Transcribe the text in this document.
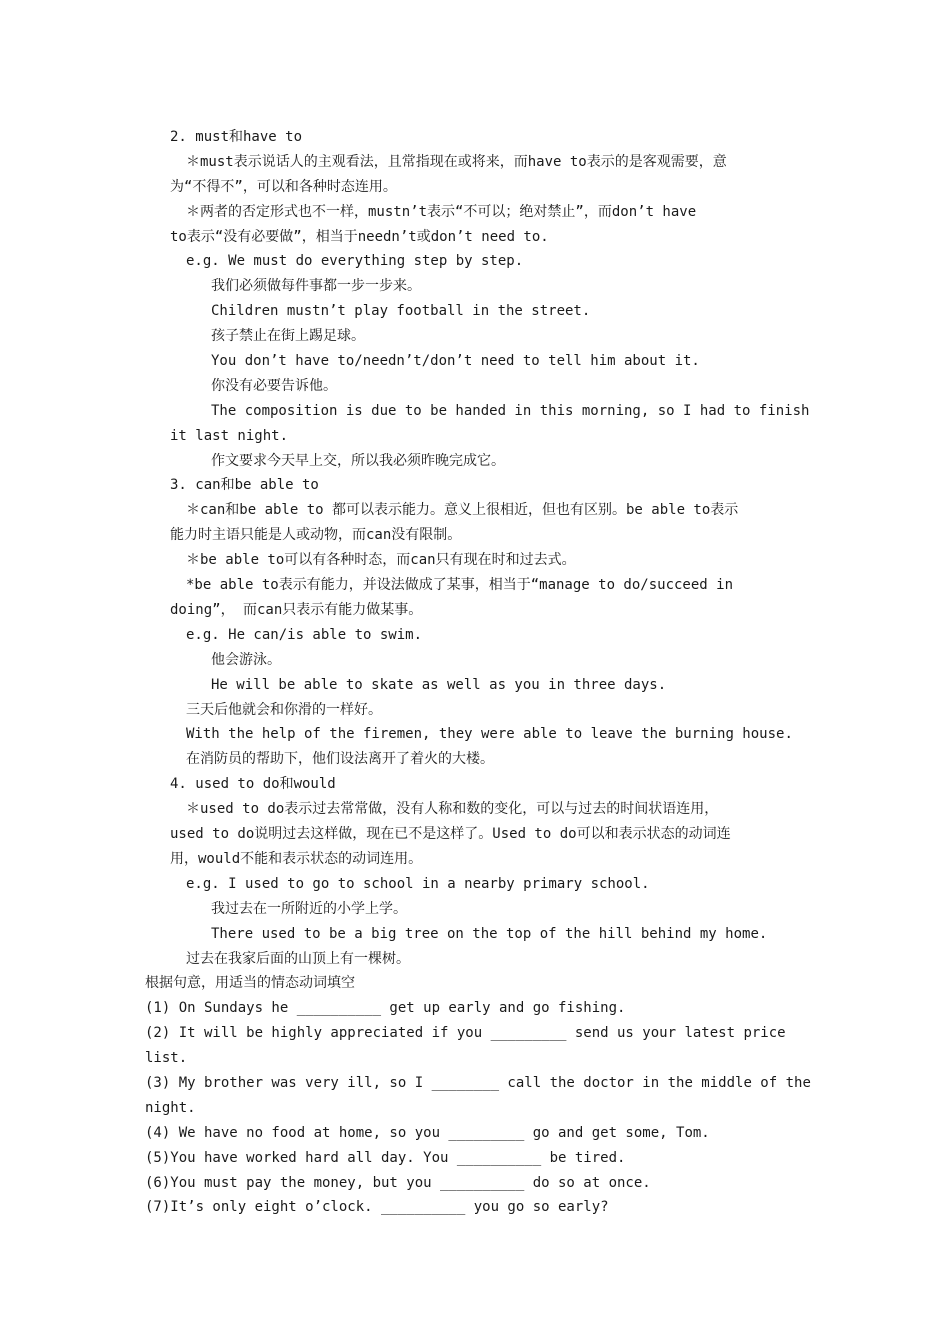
2. must和have to
＊must表示说话人的主观看法，且常指现在或将来，而have to表示的是客观需要，意
为“不得不”，可以和各种时态连用。
＊两者的否定形式也不一样，mustn’t表示“不可以；绝对禁止”，而don’t have
to表示“没有必要做”，相当于needn’t或don’t need to.
e.g. We must do everything step by step.
我们必须做每件事都一步一步来。
Children mustn’t play football in the street.
孩子禁止在街上踢足球。
You don’t have to/needn’t/don’t need to tell him about it.
你没有必要告诉他。
The composition is due to be handed in this morning, so I had to finish
it last night.
作文要求今天早上交，所以我必须昨晚完成它。
3. can和be able to
＊can和be able to 都可以表示能力。意义上很相近，但也有区别。be able to表示
能力时主语只能是人或动物，而can没有限制。
＊be able to可以有各种时态，而can只有现在时和过去式。
*be able to表示有能力，并设法做成了某事，相当于“manage to do/succeed in
doing”， 而can只表示有能力做某事。
e.g. He can/is able to swim.
他会游泳。
He will be able to skate as well as you in three days.
三天后他就会和你滑的一样好。
With the help of the firemen, they were able to leave the burning house.
在消防员的帮助下，他们设法离开了着火的大楼。
4. used to do和would
＊used to do表示过去常常做，没有人称和数的变化，可以与过去的时间状语连用，
used to do说明过去这样做，现在已不是这样了。Used to do可以和表示状态的动词连
用，would不能和表示状态的动词连用。
e.g. I used to go to school in a nearby primary school.
我过去在一所附近的小学上学。
There used to be a big tree on the top of the hill behind my home.
过去在我家后面的山顶上有一棵树。
根据句意，用适当的情态动词填空
(1) On Sundays he __________ get up early and go fishing.
(2) It will be highly appreciated if you _________ send us your latest price
list.
(3) My brother was very ill, so I ________ call the doctor in the middle of the
night.
(4) We have no food at home, so you _________ go and get some, Tom.
(5)You have worked hard all day. You __________ be tired.
(6)You must pay the money, but you __________ do so at once.
(7)It’s only eight o’clock. __________ you go so early?
